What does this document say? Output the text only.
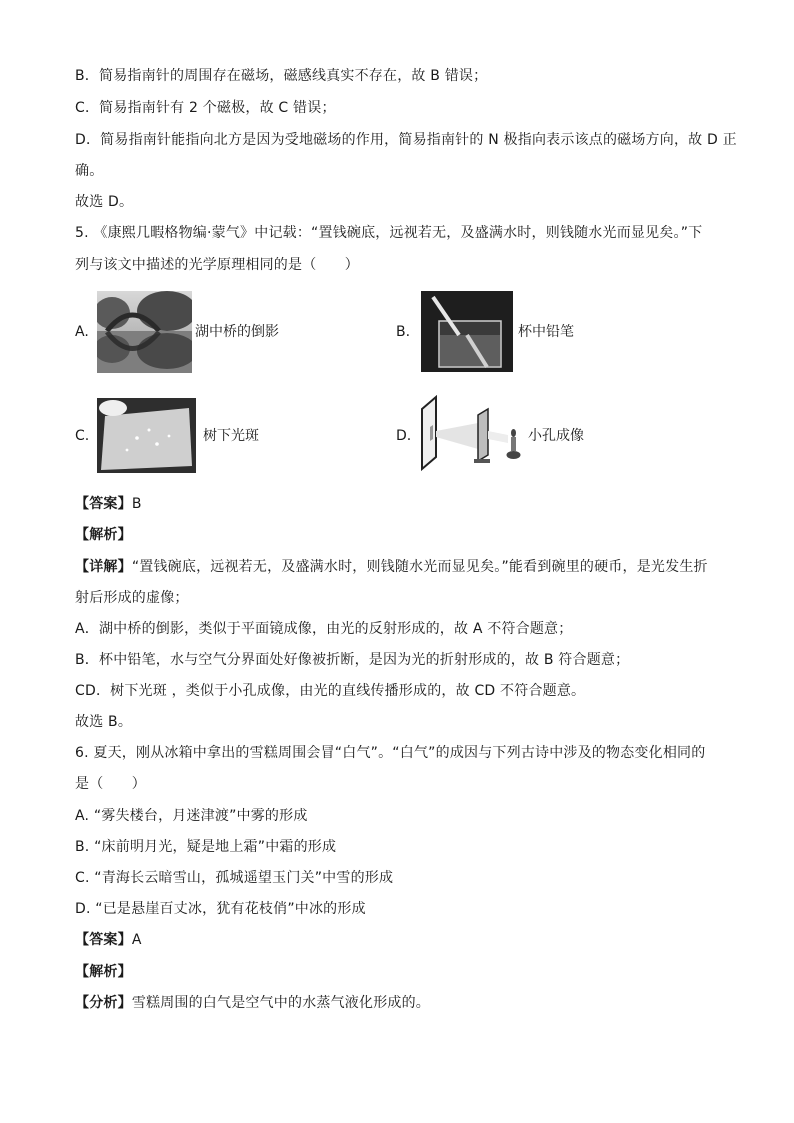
B．简易指南针的周围存在磁场，磁感线真实不存在，故 B 错误；
C．简易指南针有 2 个磁极，故 C 错误；
D．简易指南针能指向北方是因为受地磁场的作用，简易指南针的 N 极指向表示该点的磁场方向，故 D 正
确。
故选 D。
5. 《康熙几暇格物编·蒙气》中记载：“置钱碗底，远视若无，及盛满水时，则钱随水光而显见矣。”下
列与该文中描述的光学原理相同的是（　　）
A.	湖中桥的倒影	B.	杯中铅笔
C.	树下光斑	D.	小孔成像
【答案】B
【解析】
【详解】“置钱碗底，远视若无，及盛满水时，则钱随水光而显见矣。”能看到碗里的硬币，是光发生折
射后形成的虚像；
A．湖中桥的倒影，类似于平面镜成像，由光的反射形成的，故 A 不符合题意；
B．杯中铅笔，水与空气分界面处好像被折断，是因为光的折射形成的，故 B 符合题意；
CD．树下光斑 ，类似于小孔成像，由光的直线传播形成的，故 CD 不符合题意。
故选 B。
6. 夏天，刚从冰箱中拿出的雪糕周围会冒“白气”。“白气”的成因与下列古诗中涉及的物态变化相同的
是（　　）
A. “雾失楼台，月迷津渡”中雾的形成
B. “床前明月光，疑是地上霜”中霜的形成
C. “青海长云暗雪山，孤城遥望玉门关”中雪的形成
D. “已是悬崖百丈冰，犹有花枝俏”中冰的形成
【答案】A
【解析】
【分析】雪糕周围的白气是空气中的水蒸气液化形成的。
